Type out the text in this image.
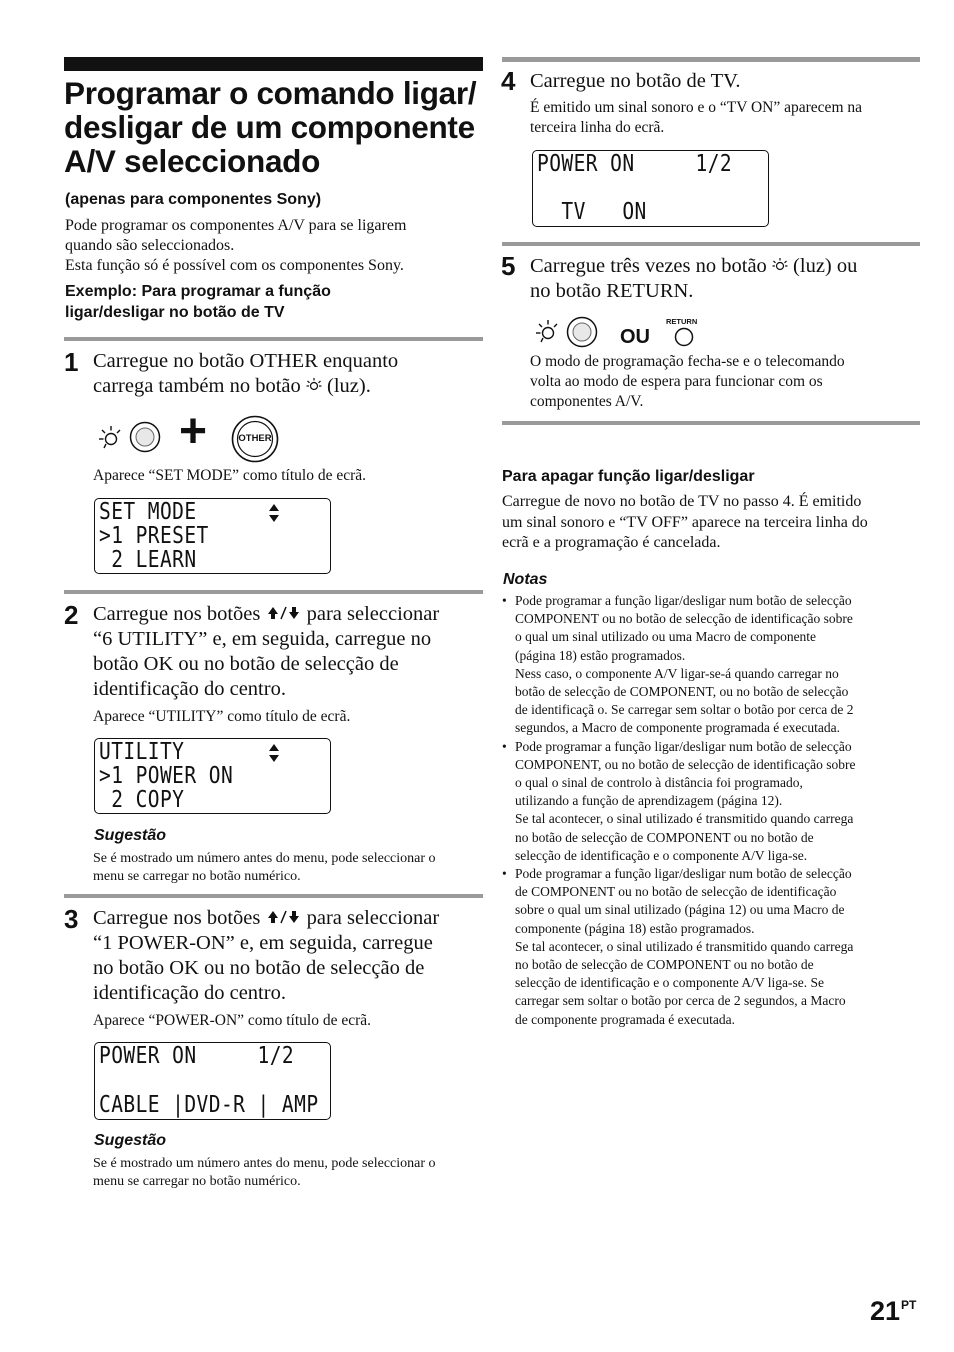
Programar o comando ligar/
desligar de um componente
A/V seleccionado
(apenas para componentes Sony)
Pode programar os componentes A/V para se ligarem
quando são seleccionados.
Esta função só é possível com os componentes Sony.
Exemplo: Para programar a função
ligar/desligar no botão de TV
1 Carregue no botão OTHER enquanto
carrega também no botão (luz).
+	OTHER
Aparece “SET MODE” como título de ecrã.
SET MODE
>1 PRESET
2 LEARN
2 Carregue nos botões para seleccionar
“6 UTILITY” e, em seguida, carregue no
botão OK ou no botão de selecção de
identificação do centro.
Aparece “UTILITY” como título de ecrã.
UTILITY
>1 POWER ON
2 COPY
Sugestão
Se é mostrado um número antes do menu, pode seleccionar o
menu se carregar no botão numérico.
3 Carregue nos botões para seleccionar
“1 POWER-ON” e, em seguida, carregue
no botão OK ou no botão de selecção de
identificação do centro.
Aparece “POWER-ON” como título de ecrã.
POWER ON     1/2
CABLE |DVD-R | AMP
Sugestão
Se é mostrado um número antes do menu, pode seleccionar o
menu se carregar no botão numérico.
4 Carregue no botão de TV.
É emitido um sinal sonoro e o “TV ON” aparecem na
terceira linha do ecrã.
POWER ON     1/2
TV   ON
5 Carregue três vezes no botão (luz) ou
no botão RETURN.
OU
RETURN
O modo de programação fecha-se e o telecomando
volta ao modo de espera para funcionar com os
componentes A/V.
Para apagar função ligar/desligar
Carregue de novo no botão de TV no passo 4. É emitido
um sinal sonoro e “TV OFF” aparece na terceira linha do
ecrã e a programação é cancelada.
Notas
• Pode programar a função ligar/desligar num botão de selecção
COMPONENT ou no botão de selecção de identificação sobre
o qual um sinal utilizado ou uma Macro de componente
(página 18) estão programados.
Ness caso, o componente A/V ligar-se-á quando carregar no
botão de selecção de COMPONENT, ou no botão de selecção
de identificaçã o. Se carregar sem soltar o botão por cerca de 2
segundos, a Macro de componente programada é executada.
• Pode programar a função ligar/desligar num botão de selecção
COMPONENT, ou no botão de selecção de identificação sobre
o qual o sinal de controlo à distância foi programado,
utilizando a função de aprendizagem (página 12).
Se tal acontecer, o sinal utilizado é transmitido quando carrega
no botão de selecção de COMPONENT ou no botão de
selecção de identificação e o componente A/V liga-se.
• Pode programar a função ligar/desligar num botão de selecção
de COMPONENT ou no botão de selecção de identificação
sobre o qual um sinal utilizado (página 12) ou uma Macro de
componente (página 18) estão programados.
Se tal acontecer, o sinal utilizado é transmitido quando carrega
no botão de selecção de COMPONENT ou no botão de
selecção de identificação e o componente A/V liga-se. Se
carregar sem soltar o botão por cerca de 2 segundos, a Macro
de componente programada é executada.
$21^{PT}$
